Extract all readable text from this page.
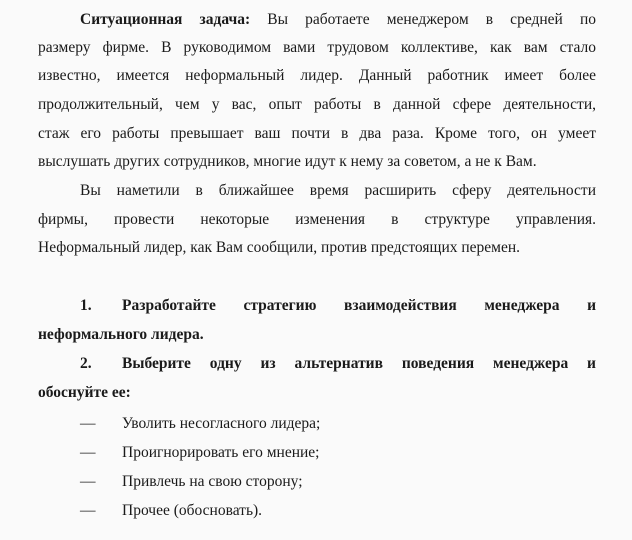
Ситуационная задача: Вы работаете менеджером в средней по
размеру фирме. В руководимом вами трудовом коллективе, как вам стало
известно, имеется неформальный лидер. Данный работник имеет более
продолжительный, чем у вас, опыт работы в данной сфере деятельности,
стаж его работы превышает ваш почти в два раза. Кроме того, он умеет
выслушать других сотрудников, многие идут к нему за советом, а не к Вам.
Вы наметили в ближайшее время расширить сферу деятельности
фирмы, провести некоторые изменения в структуре управления.
Неформальный лидер, как Вам сообщили, против предстоящих перемен.
1. Разработайте стратегию взаимодействия менеджера и
неформального лидера.
2. Выберите одну из альтернатив поведения менеджера и
обоснуйте ее:
— Уволить несогласного лидера;
— Проигнорировать его мнение;
— Привлечь на свою сторону;
— Прочее (обосновать).
